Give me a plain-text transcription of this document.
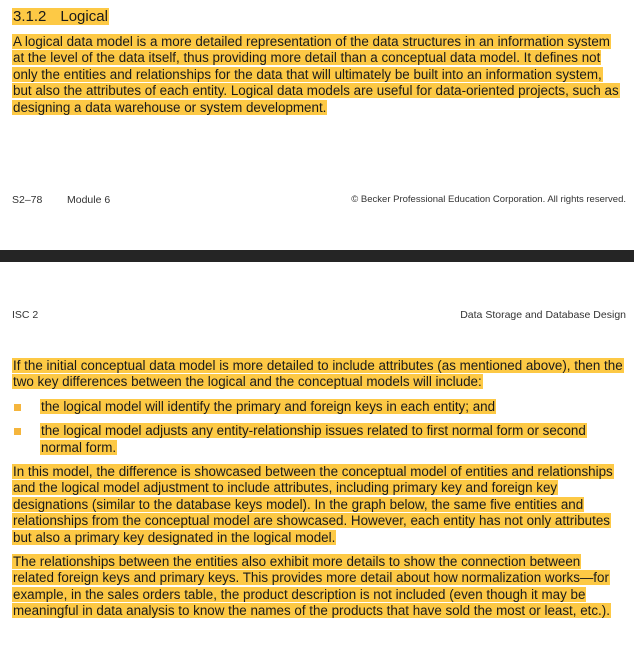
3.1.2 Logical

A logical data model is a more detailed representation of the data structures in an information system at the level of the data itself, thus providing more detail than a conceptual data model. It defines not only the entities and relationships for the data that will ultimately be built into an information system, but also the attributes of each entity. Logical data models are useful for data-oriented projects, such as designing a data warehouse or system development.

S2–78 Module 6	© Becker Professional Education Corporation. All rights reserved.
ISC 2	Data Storage and Database Design

If the initial conceptual data model is more detailed to include attributes (as mentioned above), then the two key differences between the logical and the conceptual models will include:

the logical model will identify the primary and foreign keys in each entity; and
the logical model adjusts any entity-relationship issues related to first normal form or second normal form.

In this model, the difference is showcased between the conceptual model of entities and relationships and the logical model adjustment to include attributes, including primary key and foreign key designations (similar to the database keys model). In the graph below, the same five entities and relationships from the conceptual model are showcased. However, each entity has not only attributes but also a primary key designated in the logical model.

The relationships between the entities also exhibit more details to show the connection between related foreign keys and primary keys. This provides more detail about how normalization works—for example, in the sales orders table, the product description is not included (even though it may be meaningful in data analysis to know the names of the products that have sold the most or least, etc.).
